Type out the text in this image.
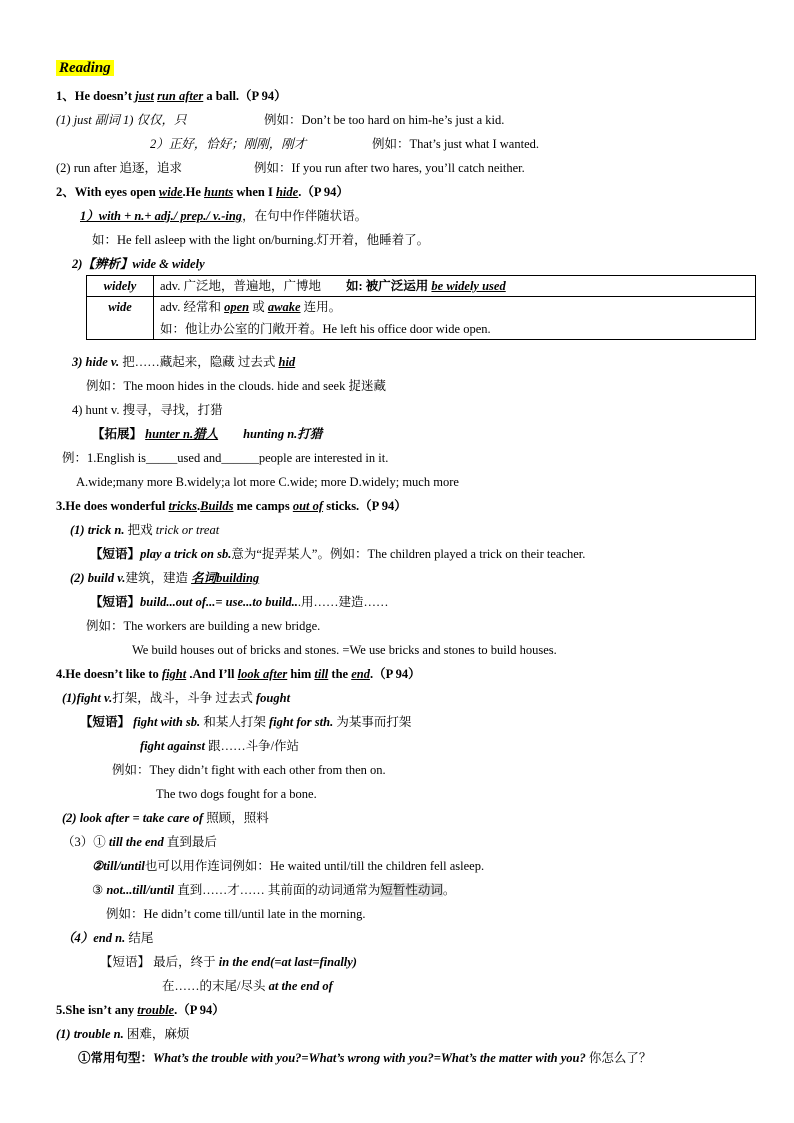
Reading
1、He doesn’t just run after a ball.（P 94）
(1) just 副词 1) 仅仅，只	例如：Don’t be too hard on him-he’s just a kid.
2）正好，恰好；刚刚，刚才	例如：That’s just what I wanted.
(2) run after 追逐，追求	例如：If you run after two hares, you’ll catch neither.
2、With eyes open wide.He hunts when I hide.（P 94）
1）with + n.+ adj./ prep./ v.-ing，在句中作伴随状语。
如：He fell asleep with the light on/burning.灯开着，他睡着了。
2)【辨析】wide & widely
widely	adv. 广泛地，普遍地，广博地 如: 被广泛运用 be widely used
wide	adv. 经常和 open 或 awake 连用。
如：他让办公室的门敞开着。He left his office door wide open.
3) hide v. 把……藏起来，隐藏 过去式 hid
例如：The moon hides in the clouds. hide and seek 捉迷藏
4) hunt v. 搜寻，寻找，打猎
【拓展】 hunter n.猎人 hunting n.打猎
例：1.English is_____used and______people are interested in it.
A.wide;many more B.widely;a lot more C.wide; more D.widely; much more
3.He does wonderful tricks.Builds me camps out of sticks.（P 94）
(1) trick n. 把戏 trick or treat
【短语】play a trick on sb.意为“捉弄某人”。例如：The children played a trick on their teacher.
(2) build v.建筑，建造 名词building
【短语】build...out of...= use...to build...用……建造……
例如：The workers are building a new bridge.
We build houses out of bricks and stones. =We use bricks and stones to build houses.
4.He doesn’t like to fight .And I’ll look after him till the end.（P 94）
(1)fight v.打架，战斗，斗争 过去式 fought
【短语】 fight with sb. 和某人打架 fight for sth. 为某事而打架
fight against 跟……斗争/作站
例如：They didn’t fight with each other from then on.
The two dogs fought for a bone.
(2) look after = take care of 照顾，照料
（3）① till the end 直到最后
②till/until也可以用作连词例如：He waited until/till the children fell asleep.
③ not...till/until 直到……才…… 其前面的动词通常为短暂性动词。
例如：He didn’t come till/until late in the morning.
（4）end n. 结尾
【短语】 最后，终于 in the end(=at last=finally)
在……的末尾/尽头 at the end of
5.She isn’t any trouble.（P 94）
(1) trouble n. 困难，麻烦
①常用句型：What’s the trouble with you?=What’s wrong with you?=What’s the matter with you? 你怎么了？
